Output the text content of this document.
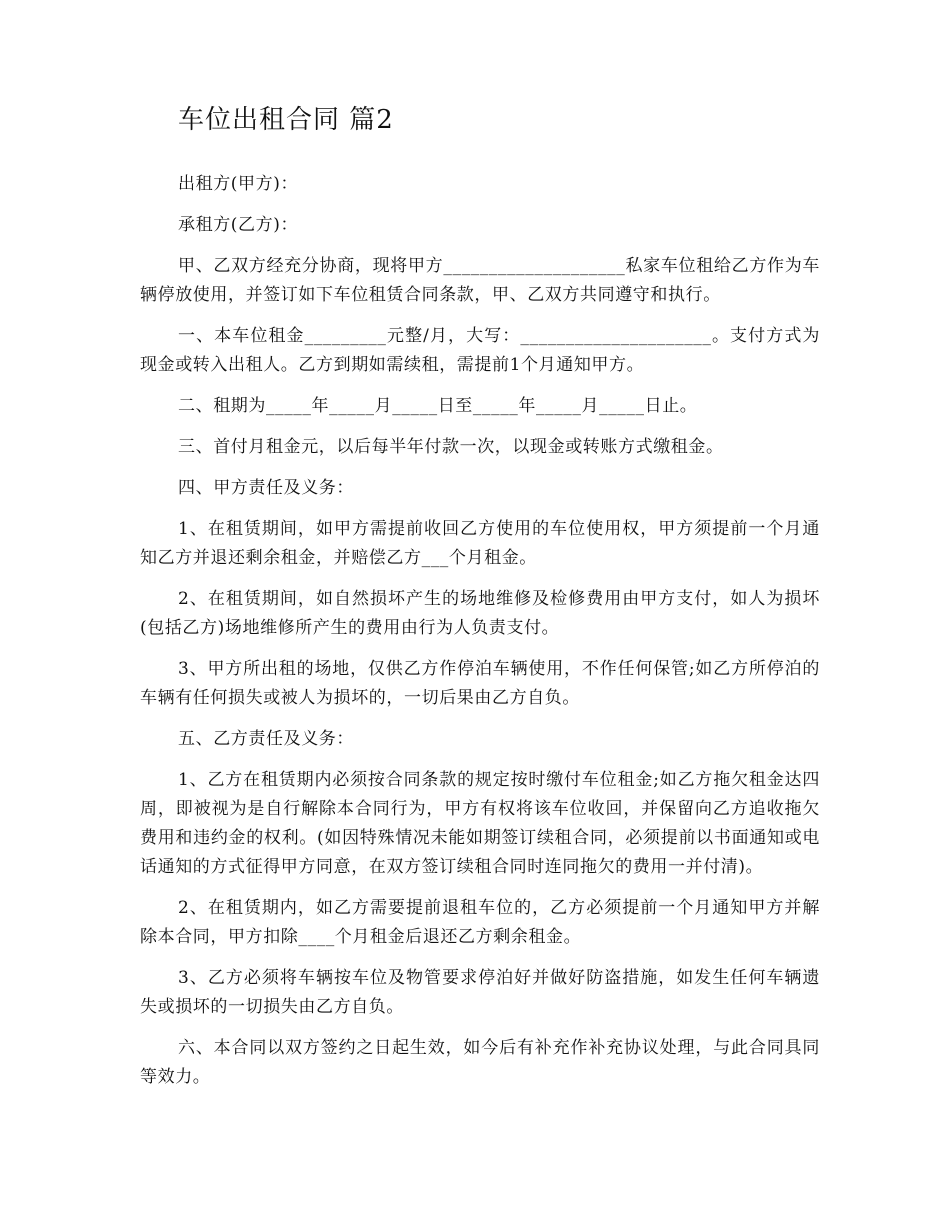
车位出租合同 篇2

出租方(甲方)：

承租方(乙方)：

甲、乙双方经充分协商，现将甲方____________________私家车位租给乙方作为车辆停放使用，并签订如下车位租赁合同条款，甲、乙双方共同遵守和执行。

一、本车位租金_________元整/月，大写：_____________________。支付方式为现金或转入出租人。乙方到期如需续租，需提前1个月通知甲方。

二、租期为_____年_____月_____日至_____年_____月_____日止。

三、首付月租金元，以后每半年付款一次，以现金或转账方式缴租金。

四、甲方责任及义务：

1、在租赁期间，如甲方需提前收回乙方使用的车位使用权，甲方须提前一个月通知乙方并退还剩余租金，并赔偿乙方___个月租金。

2、在租赁期间，如自然损坏产生的场地维修及检修费用由甲方支付，如人为损坏(包括乙方)场地维修所产生的费用由行为人负责支付。

3、甲方所出租的场地，仅供乙方作停泊车辆使用，不作任何保管;如乙方所停泊的车辆有任何损失或被人为损坏的，一切后果由乙方自负。

五、乙方责任及义务：

1、乙方在租赁期内必须按合同条款的规定按时缴付车位租金;如乙方拖欠租金达四周，即被视为是自行解除本合同行为，甲方有权将该车位收回，并保留向乙方追收拖欠费用和违约金的权利。(如因特殊情况未能如期签订续租合同，必须提前以书面通知或电话通知的方式征得甲方同意，在双方签订续租合同时连同拖欠的费用一并付清)。

2、在租赁期内，如乙方需要提前退租车位的，乙方必须提前一个月通知甲方并解除本合同，甲方扣除____个月租金后退还乙方剩余租金。

3、乙方必须将车辆按车位及物管要求停泊好并做好防盗措施，如发生任何车辆遗失或损坏的一切损失由乙方自负。

六、本合同以双方签约之日起生效，如今后有补充作补充协议处理，与此合同具同等效力。
